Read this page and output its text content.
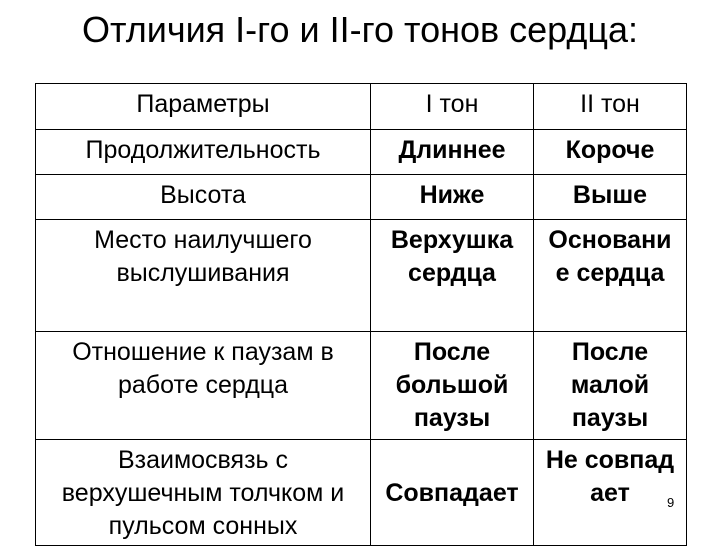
Отличия I-го и II-го тонов сердца:
Параметры	I тон	II тон
Продолжительность	Длиннее	Короче
Высота	Ниже	Выше
Место наилучшего выслушивания	Верхушка сердца	Основание сердца
Отношение к паузам в работе сердца	После большой паузы	После малой паузы
Взаимосвязь с верхушечным толчком и пульсом сонных	Совпадает	Не совпадает	9
